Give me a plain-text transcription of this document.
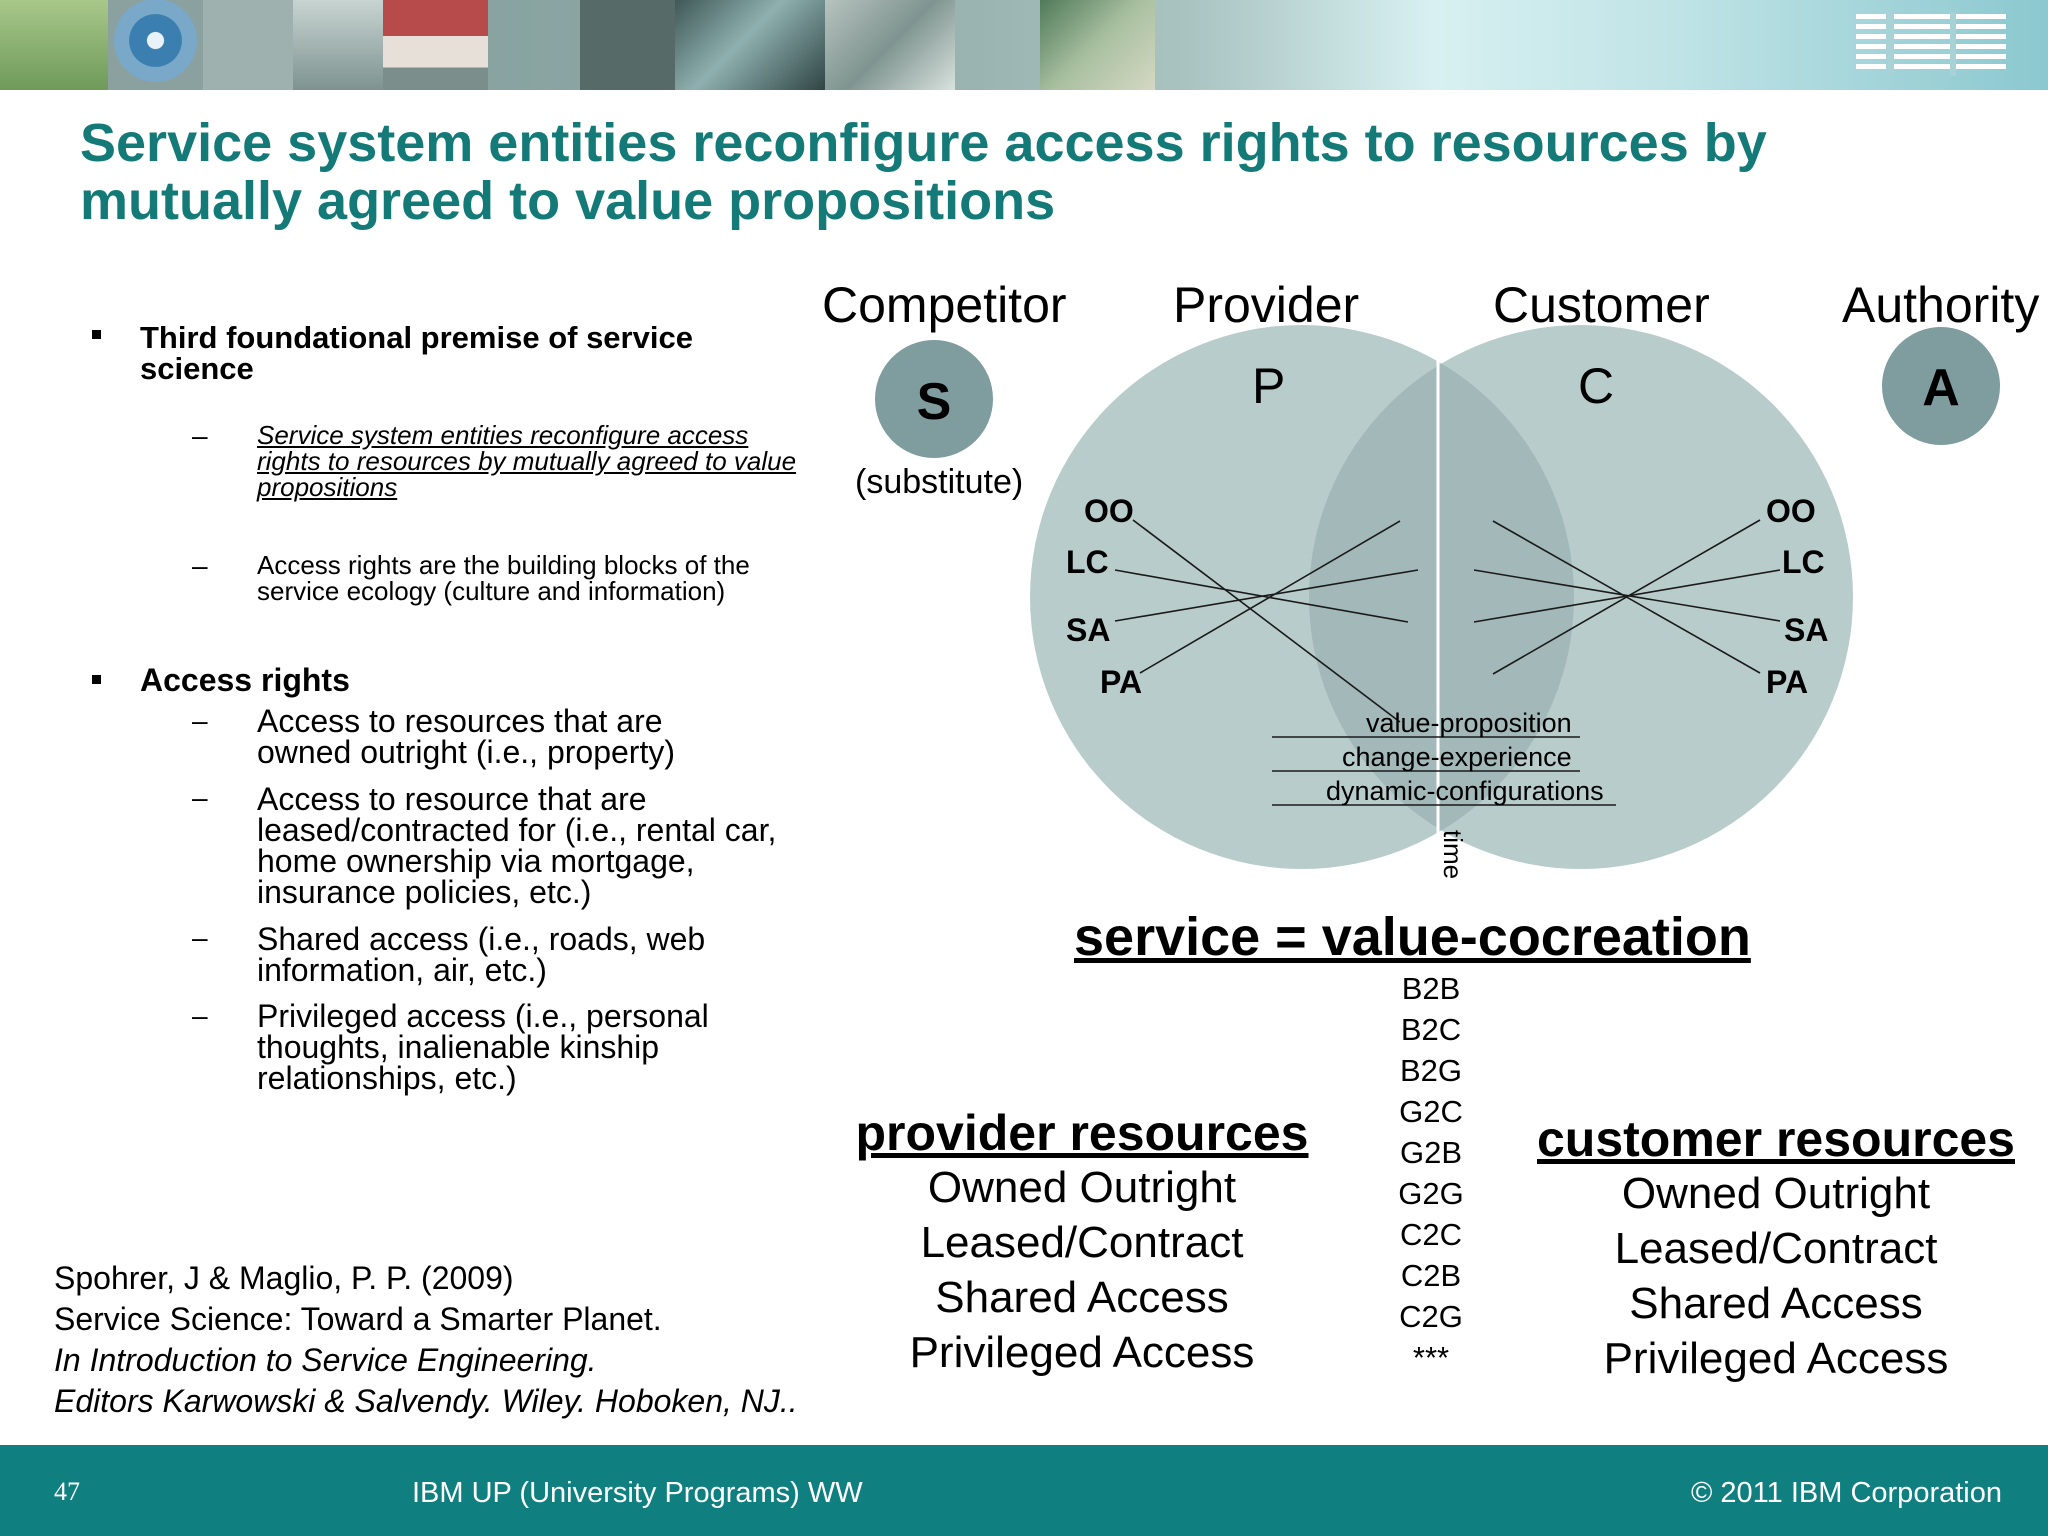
Service system entities reconfigure access rights to resources by mutually agreed to value propositions
Third foundational premise of service science
– Service system entities reconfigure access rights to resources by mutually agreed to value propositions
– Access rights are the building blocks of the service ecology (culture and information)
Access rights
– Access to resources that are owned outright (i.e., property)
– Access to resource that are leased/contracted for (i.e., rental car, home ownership via mortgage, insurance policies, etc.)
– Shared access (i.e., roads, web information, air, etc.)
– Privileged access (i.e., personal thoughts, inalienable kinship relationships, etc.)
Spohrer, J & Maglio, P. P. (2009)
Service Science: Toward a Smarter Planet.
In Introduction to Service Engineering.
Editors Karwowski & Salvendy. Wiley. Hoboken, NJ..
Competitor Provider	Customer	Authority
S
(substitute)
A
P	C
OO
LC
SA
PA
OO
LC
SA
PA
value-proposition
change-experience
dynamic-configurations
time
service = value-cocreation
B2B
B2C
B2G
G2C
G2B
G2G
C2C
C2B
C2G
***
provider resources
Owned Outright
Leased/Contract
Shared Access
Privileged Access
customer resources
Owned Outright
Leased/Contract
Shared Access
Privileged Access
47	IBM UP (University Programs) WW	© 2011 IBM Corporation
